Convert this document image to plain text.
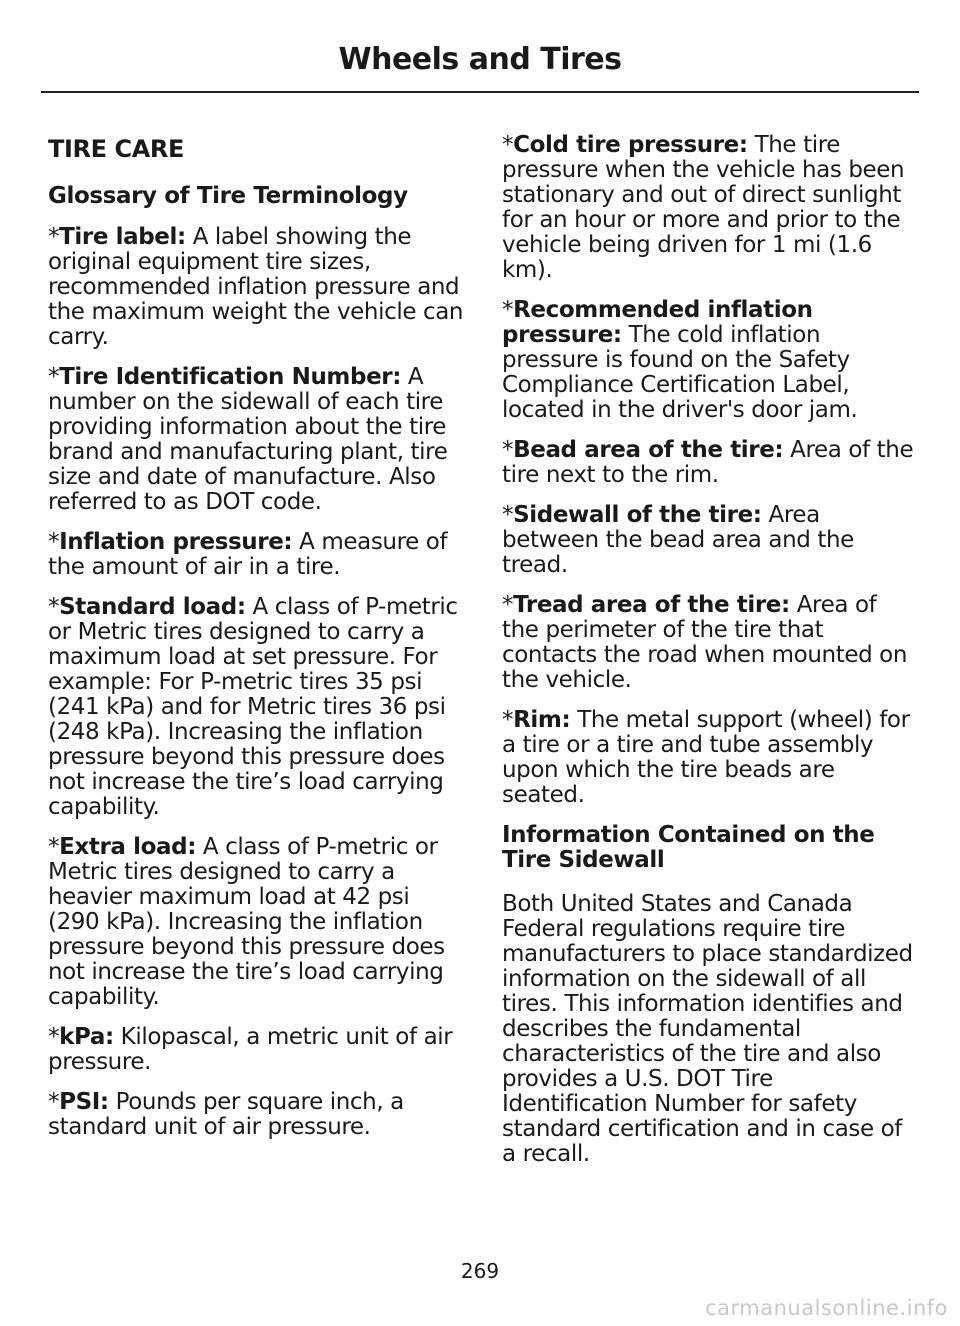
Wheels and Tires
TIRE CARE
Glossary of Tire Terminology

*Tire label: A label showing the original equipment tire sizes, recommended inflation pressure and the maximum weight the vehicle can carry.

*Tire Identification Number: A number on the sidewall of each tire providing information about the tire brand and manufacturing plant, tire size and date of manufacture. Also referred to as DOT code.

*Inflation pressure: A measure of the amount of air in a tire.

*Standard load: A class of P-metric or Metric tires designed to carry a maximum load at set pressure. For example: For P-metric tires 35 psi (241 kPa) and for Metric tires 36 psi (248 kPa). Increasing the inflation pressure beyond this pressure does not increase the tire’s load carrying capability.

*Extra load: A class of P-metric or Metric tires designed to carry a heavier maximum load at 42 psi (290 kPa). Increasing the inflation pressure beyond this pressure does not increase the tire’s load carrying capability.

*kPa: Kilopascal, a metric unit of air pressure.

*PSI: Pounds per square inch, a standard unit of air pressure.

*Cold tire pressure: The tire pressure when the vehicle has been stationary and out of direct sunlight for an hour or more and prior to the vehicle being driven for 1 mi (1.6 km).

*Recommended inflation pressure: The cold inflation pressure is found on the Safety Compliance Certification Label, located in the driver's door jam.

*Bead area of the tire: Area of the tire next to the rim.

*Sidewall of the tire: Area between the bead area and the tread.

*Tread area of the tire: Area of the perimeter of the tire that contacts the road when mounted on the vehicle.

*Rim: The metal support (wheel) for a tire or a tire and tube assembly upon which the tire beads are seated.

Information Contained on the Tire Sidewall

Both United States and Canada Federal regulations require tire manufacturers to place standardized information on the sidewall of all tires. This information identifies and describes the fundamental characteristics of the tire and also provides a U.S. DOT Tire Identification Number for safety standard certification and in case of a recall.

269
carmanualsonline.info
